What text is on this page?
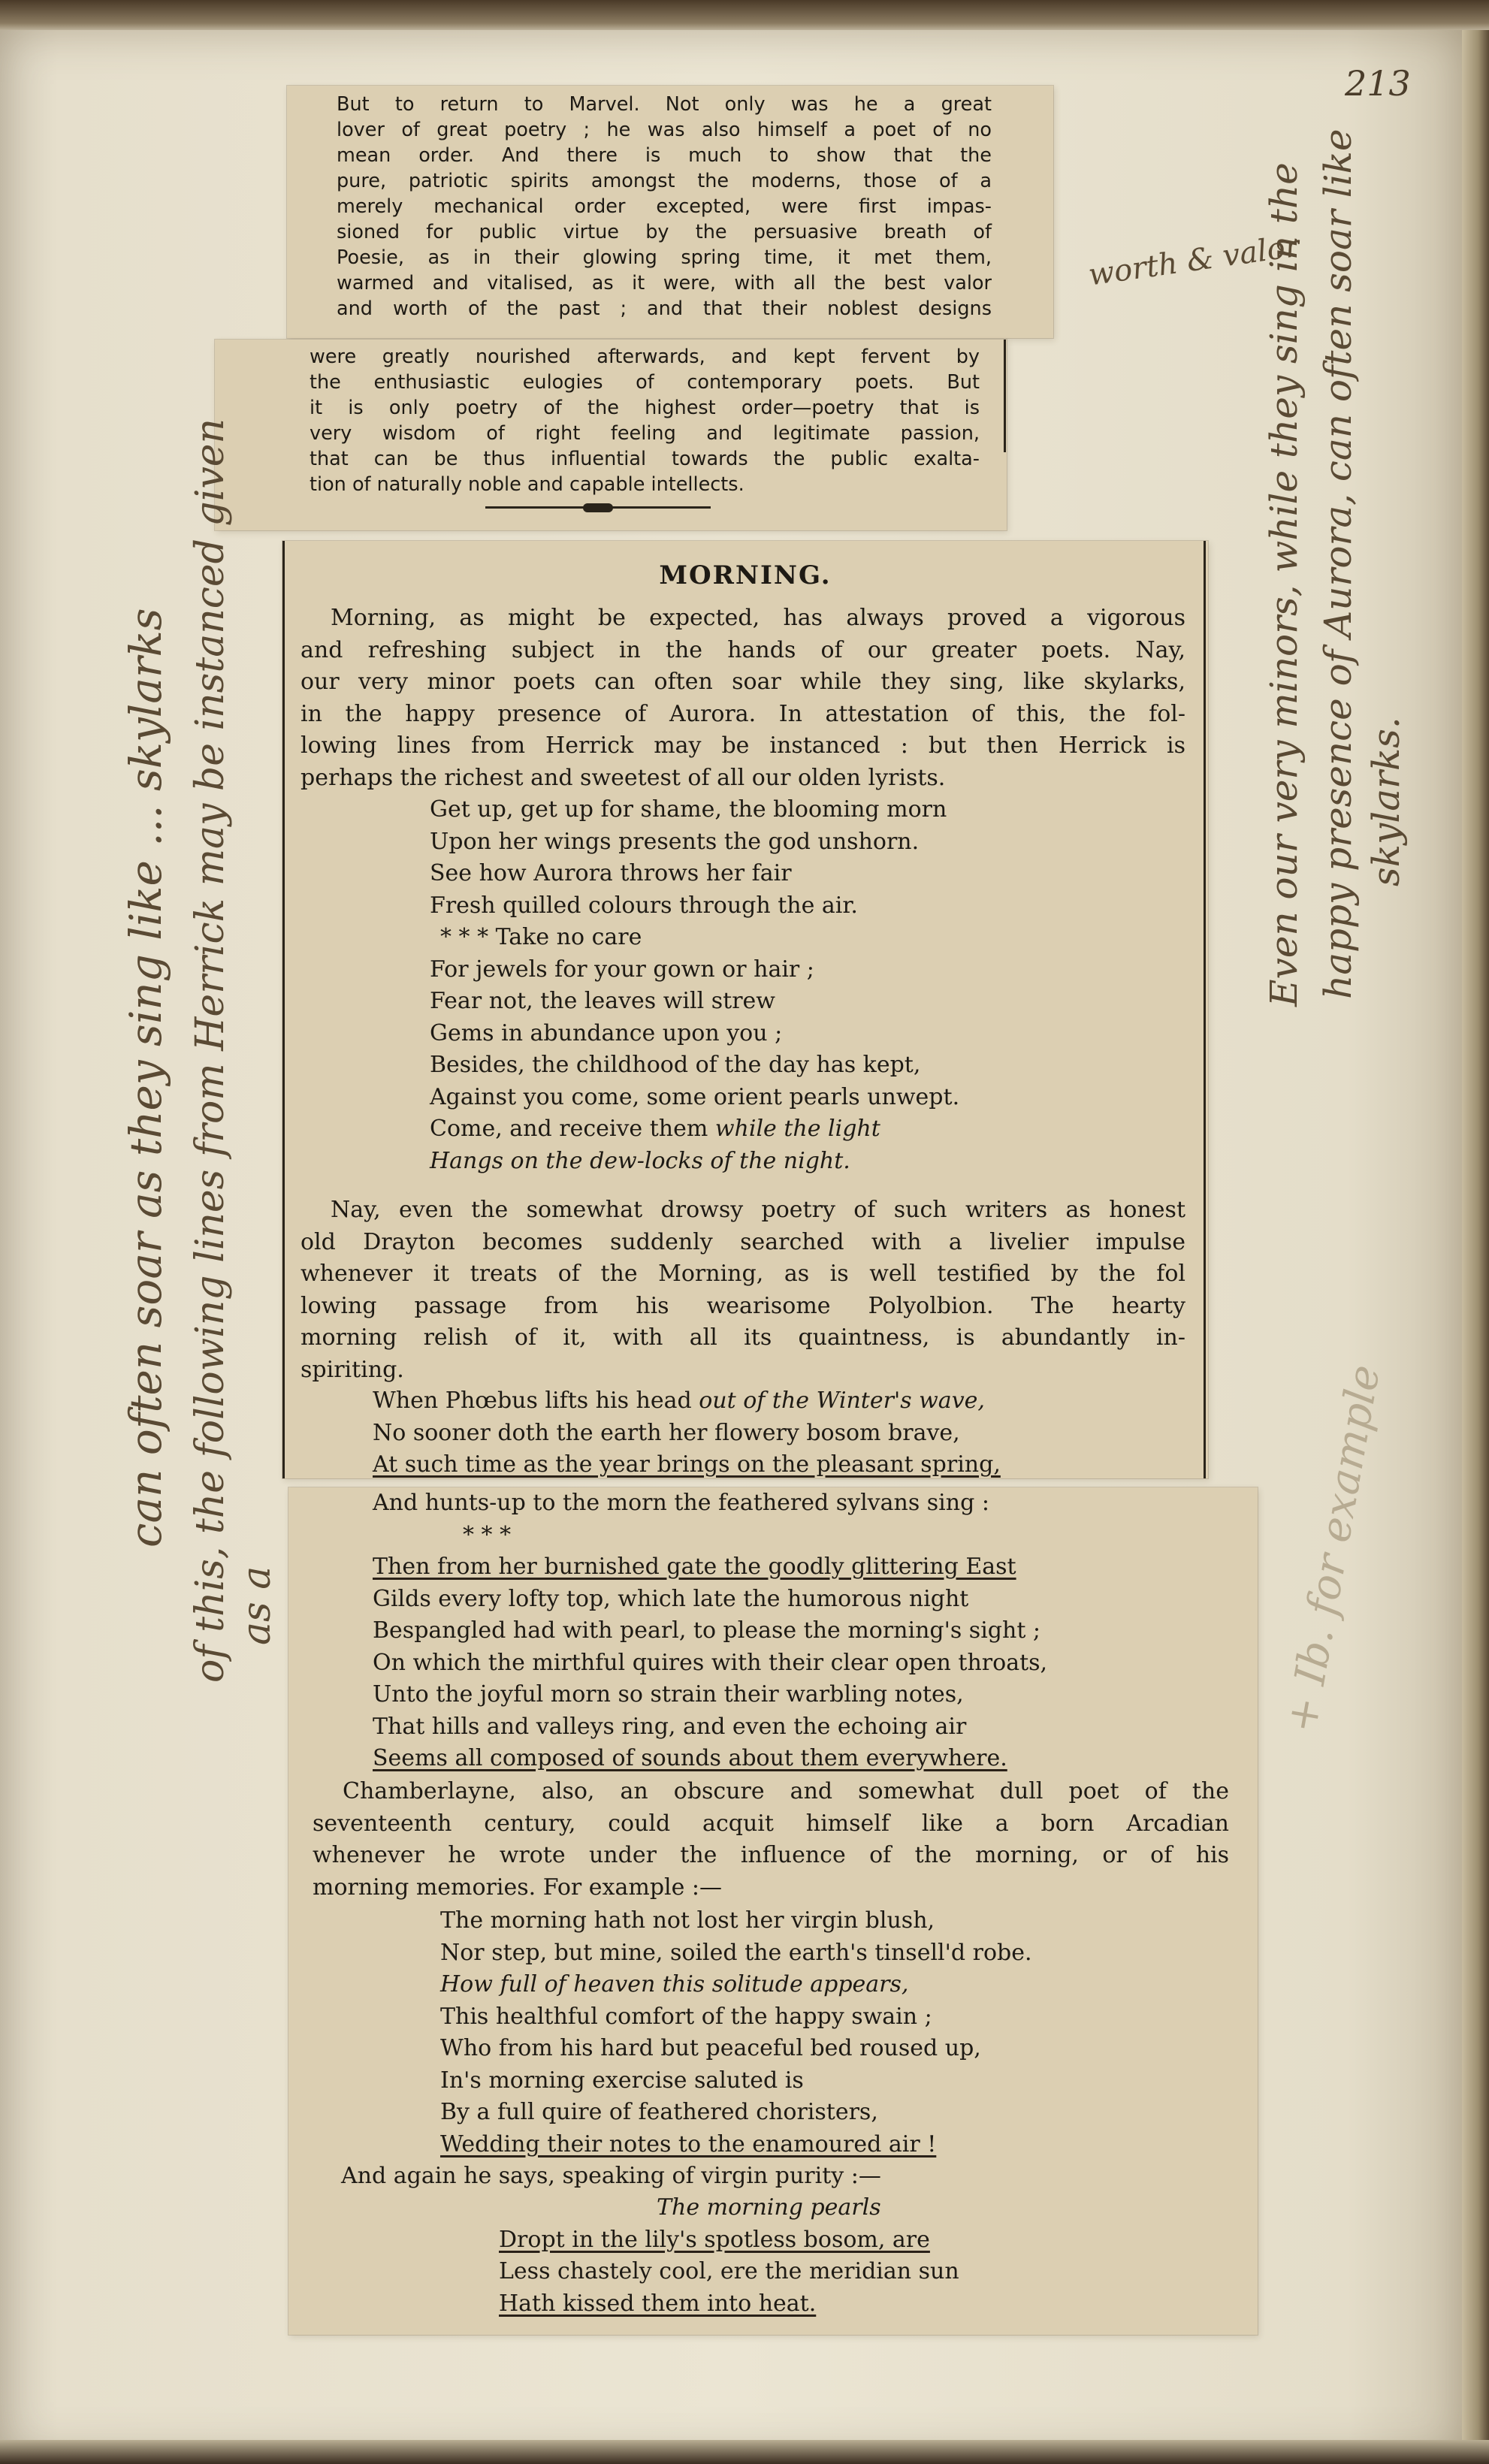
213
But to return to Marvel. Not only was he a great
lover of great poetry ; he was also himself a poet of no
mean order. And there is much to show that the
pure, patriotic spirits amongst the moderns, those of a
merely mechanical order excepted, were first impas-
sioned for public virtue by the persuasive breath of
Poesie, as in their glowing spring time, it met them,
warmed and vitalised, as it were, with all the best valor
and worth of the past ; and that their noblest designs
were greatly nourished afterwards, and kept fervent by
the enthusiastic eulogies of contemporary poets. But
it is only poetry of the highest order—poetry that is
very wisdom of right feeling and legitimate passion,
that can be thus influential towards the public exalta-
tion of naturally noble and capable intellects.
MORNING.
Morning, as might be expected, has always proved a vigorous
and refreshing subject in the hands of our greater poets. Nay,
our very minor poets can often soar while they sing, like skylarks,
in the happy presence of Aurora. In attestation of this, the fol-
lowing lines from Herrick may be instanced : but then Herrick is
perhaps the richest and sweetest of all our olden lyrists.
Get up, get up for shame, the blooming morn
Upon her wings presents the god unshorn.
See how Aurora throws her fair
Fresh quilled colours through the air.
* * * Take no care
For jewels for your gown or hair ;
Fear not, the leaves will strew
Gems in abundance upon you ;
Besides, the childhood of the day has kept,
Against you come, some orient pearls unwept.
Come, and receive them while the light
Hangs on the dew-locks of the night.
Nay, even the somewhat drowsy poetry of such writers as honest
old Drayton becomes suddenly searched with a livelier impulse
whenever it treats of the Morning, as is well testified by the fol
lowing passage from his wearisome Polyolbion. The hearty
morning relish of it, with all its quaintness, is abundantly in-
spiriting.
When Phœbus lifts his head out of the Winter's wave,
No sooner doth the earth her flowery bosom brave,
At such time as the year brings on the pleasant spring,
And hunts-up to the morn the feathered sylvans sing :
* * *
Then from her burnished gate the goodly glittering East
Gilds every lofty top, which late the humorous night
Bespangled had with pearl, to please the morning's sight ;
On which the mirthful quires with their clear open throats,
Unto the joyful morn so strain their warbling notes,
That hills and valleys ring, and even the echoing air
Seems all composed of sounds about them everywhere.
Chamberlayne, also, an obscure and somewhat dull poet of the
seventeenth century, could acquit himself like a born Arcadian
whenever he wrote under the influence of the morning, or of his
morning memories. For example :—
The morning hath not lost her virgin blush,
Nor step, but mine, soiled the earth's tinsell'd robe.
How full of heaven this solitude appears,
This healthful comfort of the happy swain ;
Who from his hard but peaceful bed roused up,
In's morning exercise saluted is
By a full quire of feathered choristers,
Wedding their notes to the enamoured air !
And again he says, speaking of virgin purity :—
The morning pearls
Dropt in the lily's spotless bosom, are
Less chastely cool, ere the meridian sun
Hath kissed them into heat.
can often soar as they sing like ... skylarks of this, the following lines from Herrick may be instanced given as a
worth & valor
Even our very minors, while they sing in the happy presence of Aurora, can often soar like skylarks.
+ Ib. for example
